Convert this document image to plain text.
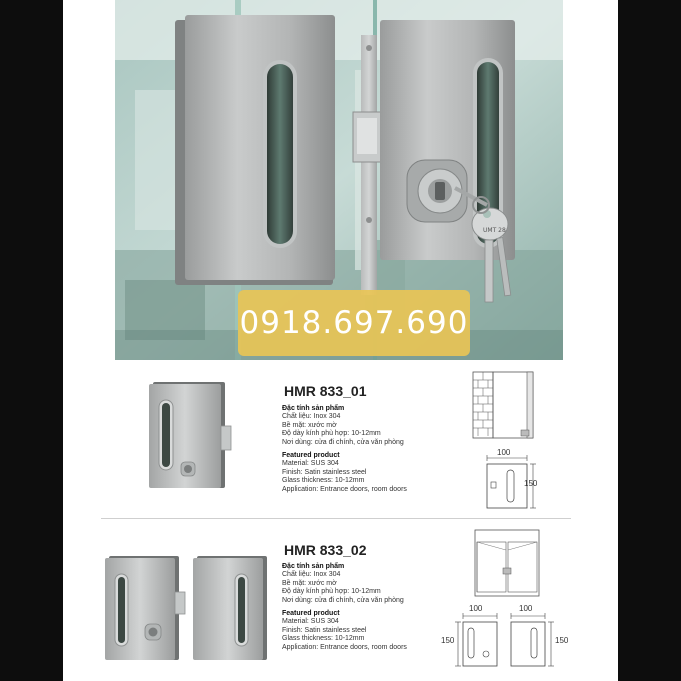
UMT 28
0918.697.690
HMR 833_01
Đặc tính sản phẩm
Chất liệu: Inox 304
Bề mặt: xước mờ
Độ dày kính phù hợp: 10-12mm
Nơi dùng: cửa đi chính, cửa văn phòng
Featured product
Material: SUS 304
Finish: Satin stainless steel
Glass thickness: 10-12mm
Application: Entrance doors, room doors
100
150
HMR 833_02
Đặc tính sản phẩm
Chất liệu: Inox 304
Bề mặt: xước mờ
Độ dày kính phù hợp: 10-12mm
Nơi dùng: cửa đi chính, cửa văn phòng
Featured product
Material: SUS 304
Finish: Satin stainless steel
Glass thickness: 10-12mm
Application: Entrance doors, room doors
100	100
150	150
